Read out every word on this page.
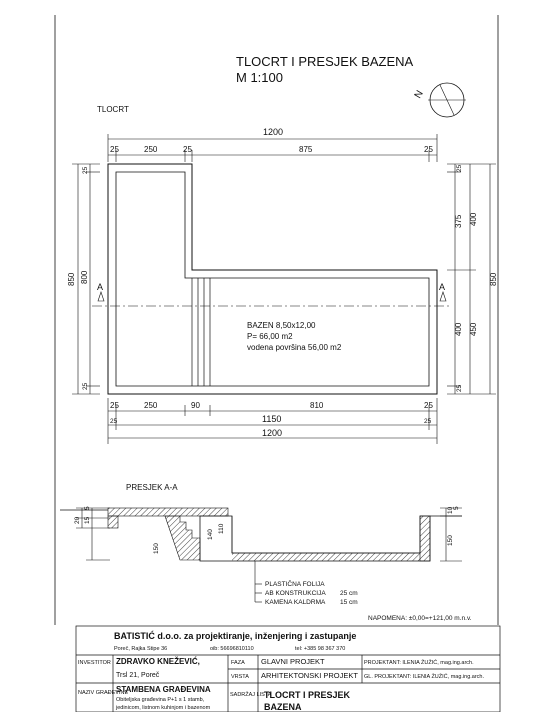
TLOCRT I PRESJEK BAZENA
M 1:100
N
TLOCRT
1200
25	250	25	875	25
850 800
25
25
25
375 400
400 450
850
25
A	A
BAZEN 8,50x12,00
P= 66,00 m2
vodena površina 56,00 m2
25	250	90	810	25
25	1150	25
1200
PRESJEK A-A
20
5
150
15
140
110
10 5
150
PLASTIČNA FOLIJA
AB KONSTRUKCIJA 25 cm
KAMENA KALDRMA 15 cm
NAPOMENA: ±0,00=+121,00 m.n.v.
BATISTIĆ d.o.o. za projektiranje, inženjering i zastupanje
Poreč, Rajka Stipe 36	oib: 56696810110	tel: +385 98 367 370
INVESTITOR ZDRAVKO KNEŽEVIĆ,
Trsl 21, Poreč
FAZA GLAVNI PROJEKT
VRSTA ARHITEKTONSKI PROJEKT
PROJEKTANT: ILENIA ŽUŽIĆ, mag.ing.arch.
GL. PROJEKTANT: ILENIA ŽUŽIĆ, mag.ing.arch.
NAZIV GRAĐEVINE
STAMBENA GRAĐEVINA
Obiteljska građevina P+1 s 1 stamb,
jedinicom, listnom kuhinjom i bazenom
SADRŽAJ LISTA
TLOCRT I PRESJEK
BAZENA
